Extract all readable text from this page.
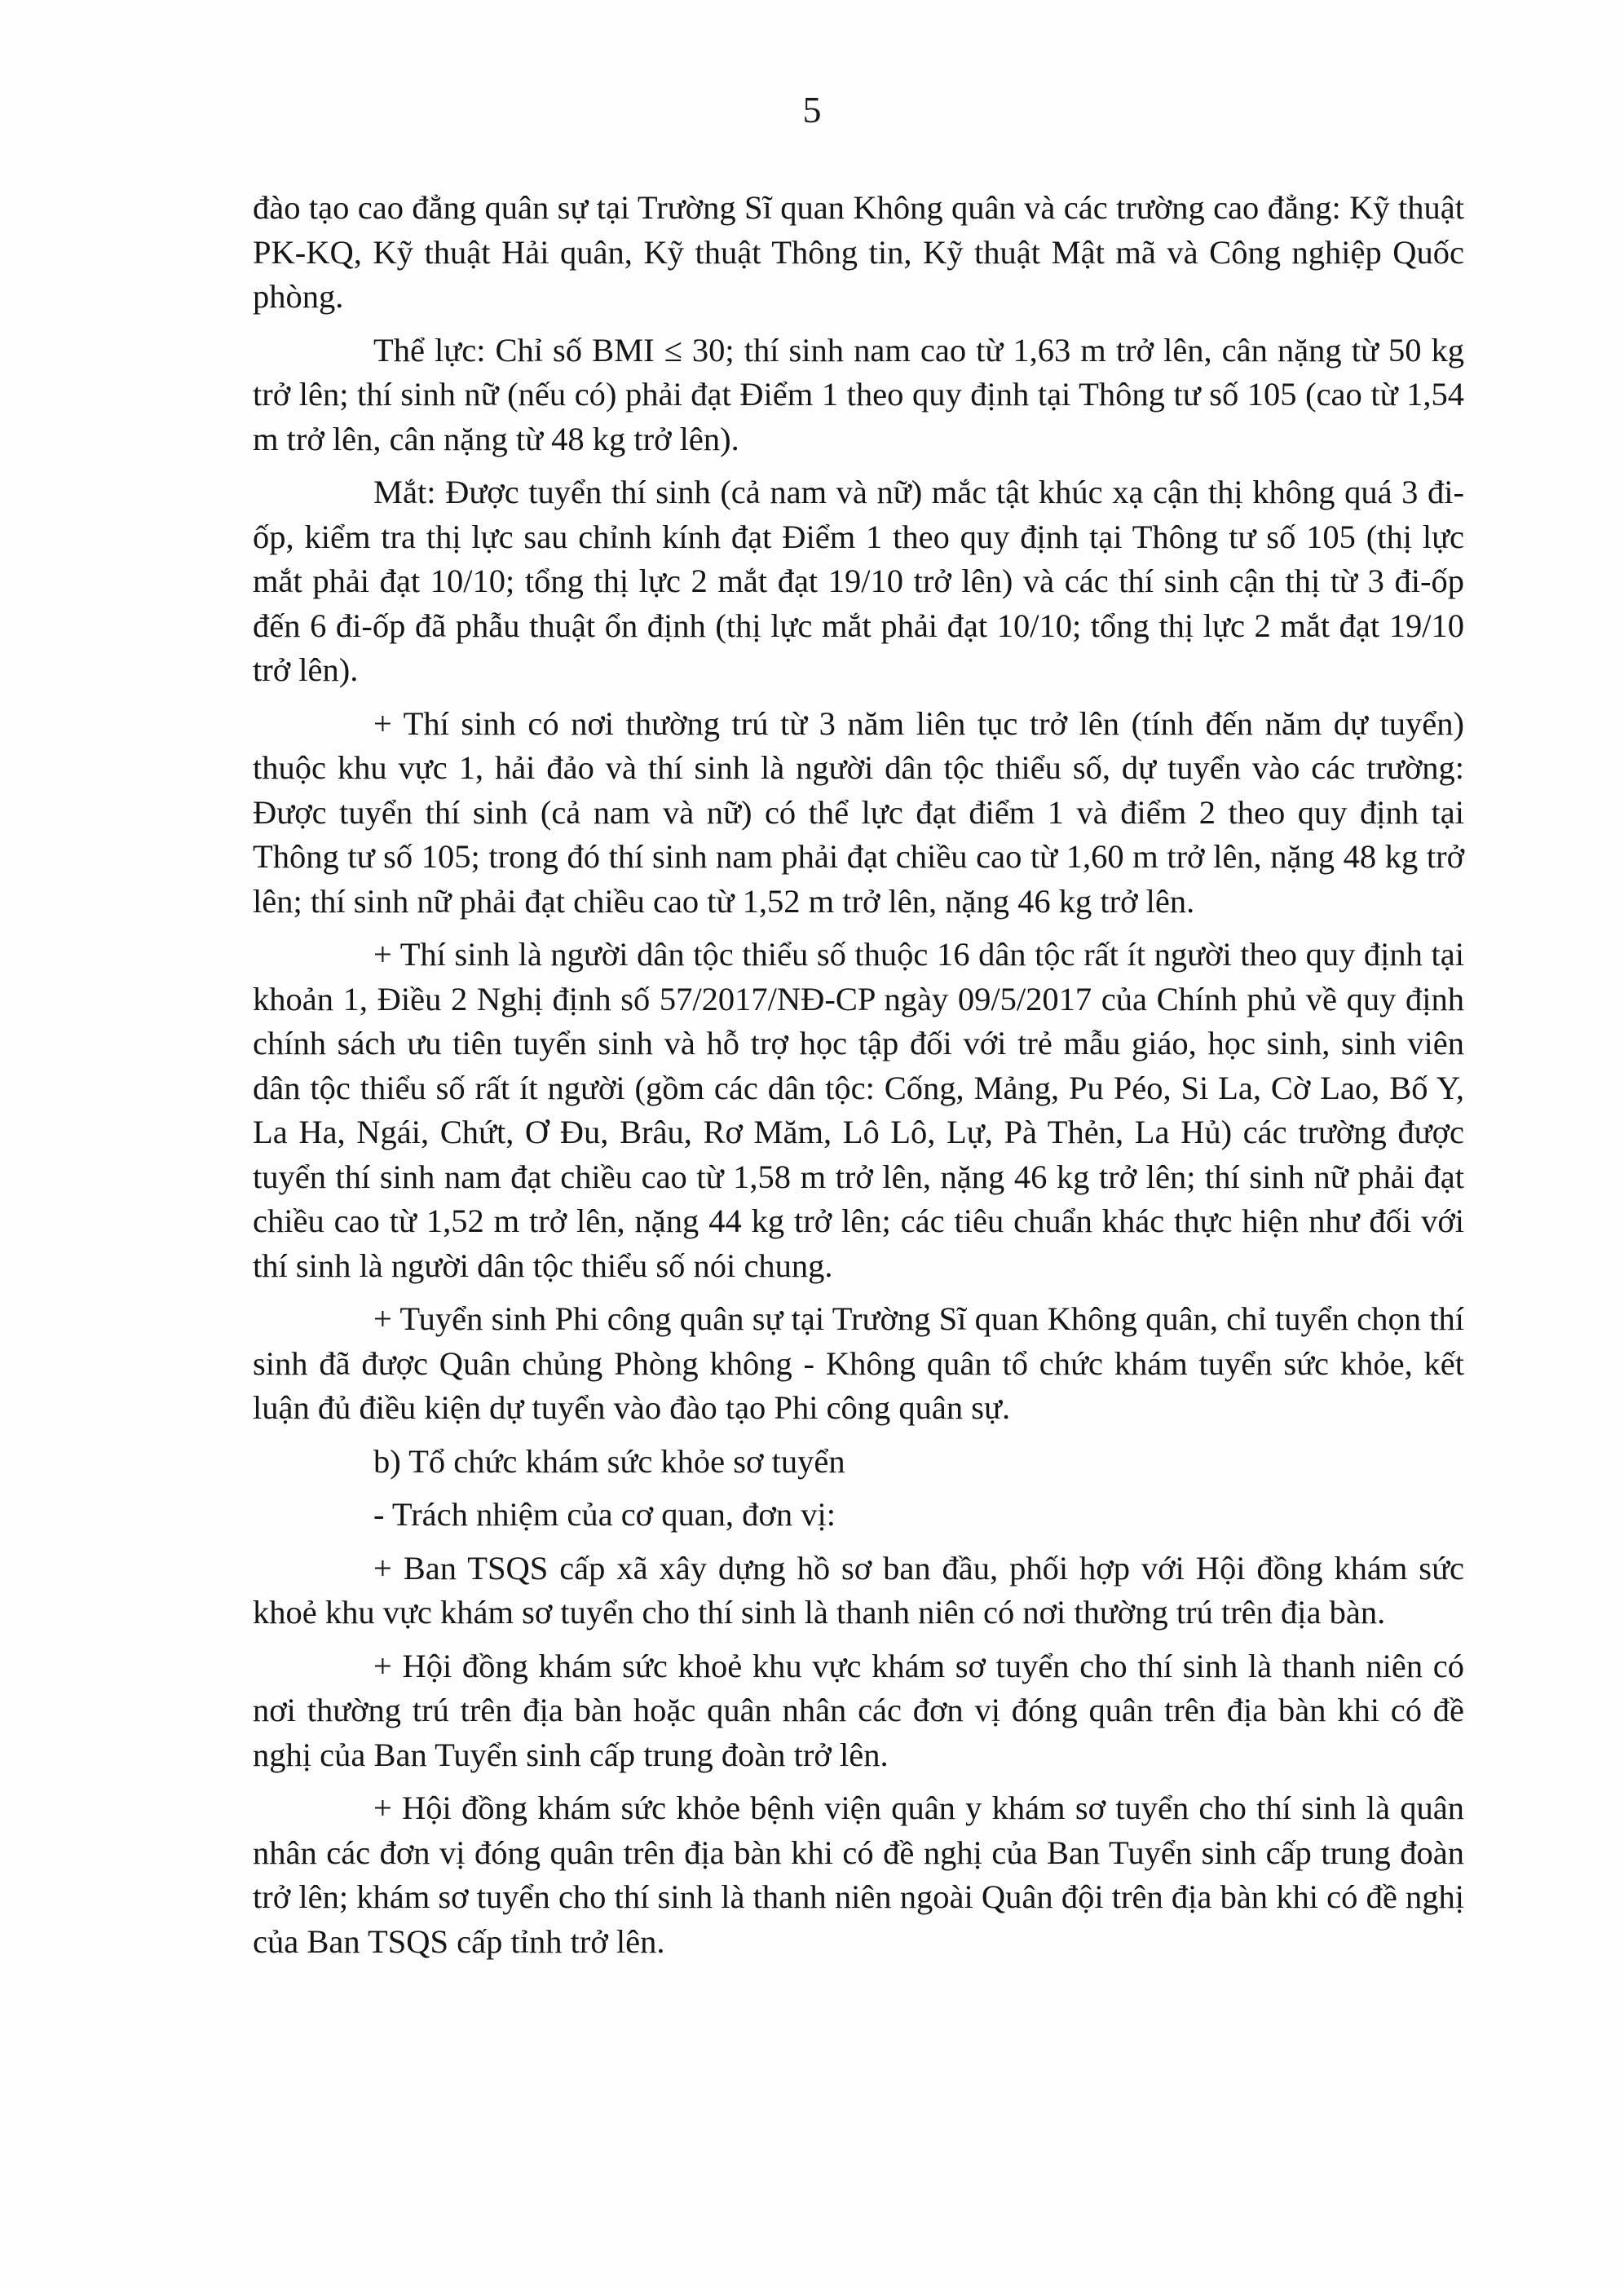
5

đào tạo cao đẳng quân sự tại Trường Sĩ quan Không quân và các trường cao đẳng: Kỹ thuật PK-KQ, Kỹ thuật Hải quân, Kỹ thuật Thông tin, Kỹ thuật Mật mã và Công nghiệp Quốc phòng.

Thể lực: Chỉ số BMI ≤ 30; thí sinh nam cao từ 1,63 m trở lên, cân nặng từ 50 kg trở lên; thí sinh nữ (nếu có) phải đạt Điểm 1 theo quy định tại Thông tư số 105 (cao từ 1,54 m trở lên, cân nặng từ 48 kg trở lên).

Mắt: Được tuyển thí sinh (cả nam và nữ) mắc tật khúc xạ cận thị không quá 3 đi-ốp, kiểm tra thị lực sau chỉnh kính đạt Điểm 1 theo quy định tại Thông tư số 105 (thị lực mắt phải đạt 10/10; tổng thị lực 2 mắt đạt 19/10 trở lên) và các thí sinh cận thị từ 3 đi-ốp đến 6 đi-ốp đã phẫu thuật ổn định (thị lực mắt phải đạt 10/10; tổng thị lực 2 mắt đạt 19/10 trở lên).

+ Thí sinh có nơi thường trú từ 3 năm liên tục trở lên (tính đến năm dự tuyển) thuộc khu vực 1, hải đảo và thí sinh là người dân tộc thiểu số, dự tuyển vào các trường: Được tuyển thí sinh (cả nam và nữ) có thể lực đạt điểm 1 và điểm 2 theo quy định tại Thông tư số 105; trong đó thí sinh nam phải đạt chiều cao từ 1,60 m trở lên, nặng 48 kg trở lên; thí sinh nữ phải đạt chiều cao từ 1,52 m trở lên, nặng 46 kg trở lên.

+ Thí sinh là người dân tộc thiểu số thuộc 16 dân tộc rất ít người theo quy định tại khoản 1, Điều 2 Nghị định số 57/2017/NĐ-CP ngày 09/5/2017 của Chính phủ về quy định chính sách ưu tiên tuyển sinh và hỗ trợ học tập đối với trẻ mẫu giáo, học sinh, sinh viên dân tộc thiểu số rất ít người (gồm các dân tộc: Cống, Mảng, Pu Péo, Si La, Cờ Lao, Bố Y, La Ha, Ngái, Chứt, Ơ Đu, Brâu, Rơ Măm, Lô Lô, Lự, Pà Thẻn, La Hủ) các trường được tuyển thí sinh nam đạt chiều cao từ 1,58 m trở lên, nặng 46 kg trở lên; thí sinh nữ phải đạt chiều cao từ 1,52 m trở lên, nặng 44 kg trở lên; các tiêu chuẩn khác thực hiện như đối với thí sinh là người dân tộc thiểu số nói chung.

+ Tuyển sinh Phi công quân sự tại Trường Sĩ quan Không quân, chỉ tuyển chọn thí sinh đã được Quân chủng Phòng không - Không quân tổ chức khám tuyển sức khỏe, kết luận đủ điều kiện dự tuyển vào đào tạo Phi công quân sự.

b) Tổ chức khám sức khỏe sơ tuyển

- Trách nhiệm của cơ quan, đơn vị:

+ Ban TSQS cấp xã xây dựng hồ sơ ban đầu, phối hợp với Hội đồng khám sức khoẻ khu vực khám sơ tuyển cho thí sinh là thanh niên có nơi thường trú trên địa bàn.

+ Hội đồng khám sức khoẻ khu vực khám sơ tuyển cho thí sinh là thanh niên có nơi thường trú trên địa bàn hoặc quân nhân các đơn vị đóng quân trên địa bàn khi có đề nghị của Ban Tuyển sinh cấp trung đoàn trở lên.

+ Hội đồng khám sức khỏe bệnh viện quân y khám sơ tuyển cho thí sinh là quân nhân các đơn vị đóng quân trên địa bàn khi có đề nghị của Ban Tuyển sinh cấp trung đoàn trở lên; khám sơ tuyển cho thí sinh là thanh niên ngoài Quân đội trên địa bàn khi có đề nghị của Ban TSQS cấp tỉnh trở lên.
